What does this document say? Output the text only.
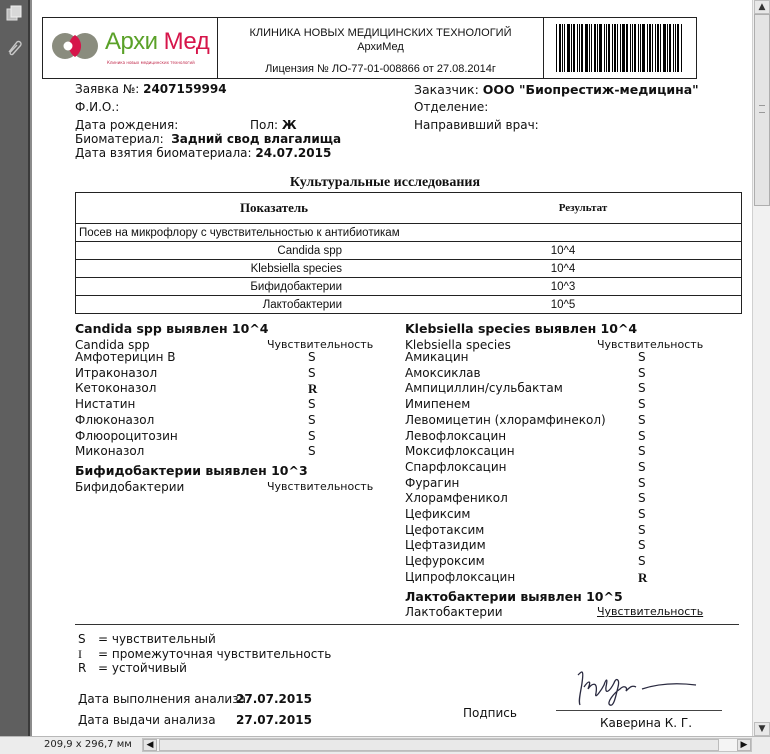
Архи Мед
Клиника новых медицинских технологий
КЛИНИКА НОВЫХ МЕДИЦИНСКИХ ТЕХНОЛОГИЙ
АрхиМед
Лицензия № ЛО-77-01-008866 от 27.08.2014г
Заявка №: 2407159994
Ф.И.О.:
Дата рождения:	Пол: Ж
Биоматериал: Задний свод влагалища
Дата взятия биоматериала: 24.07.2015
Заказчик: ООО "Биопрестиж-медицина"
Отделение:
Направивший врач:
Культуральные исследования
Показатель	Результат
Посев на микрофлору с чувствительностью к антибиотикам	
Candida spp	10^4
Klebsiella species	10^4
Бифидобактерии	10^3
Лактобактерии	10^5
Candida spp выявлен 10^4
Candida spp	Чувствительность
Амфотерицин В	S
Итраконазол	S
Кетоконазол	R
Нистатин	S
Флюконазол	S
Флюороцитозин	S
Миконазол	S
Бифидобактерии выявлен 10^3
Бифидобактерии	Чувствительность
Klebsiella species выявлен 10^4
Klebsiella species	Чувствительность
Амикацин	S
Амоксиклав	S
Ампициллин/сульбактам	S
Имипенем	S
Левомицетин (хлорамфинекол)	S
Левофлоксацин	S
Моксифлоксацин	S
Спарфлоксацин	S
Фурагин	S
Хлорамфеникол	S
Цефиксим	S
Цефотаксим	S
Цефтазидим	S
Цефуроксим	S
Ципрофлоксацин	R
Лактобактерии выявлен 10^5
Лактобактерии	Чувствительность
S = чувствительный
I = промежуточная чувствительность
R = устойчивый
Дата выполнения анализа
27.07.2015
Дата выдачи анализа 27.07.2015	Подпись
Каверина К. Г.
▲
▼
209,9 x 296,7 мм	◀	▶
